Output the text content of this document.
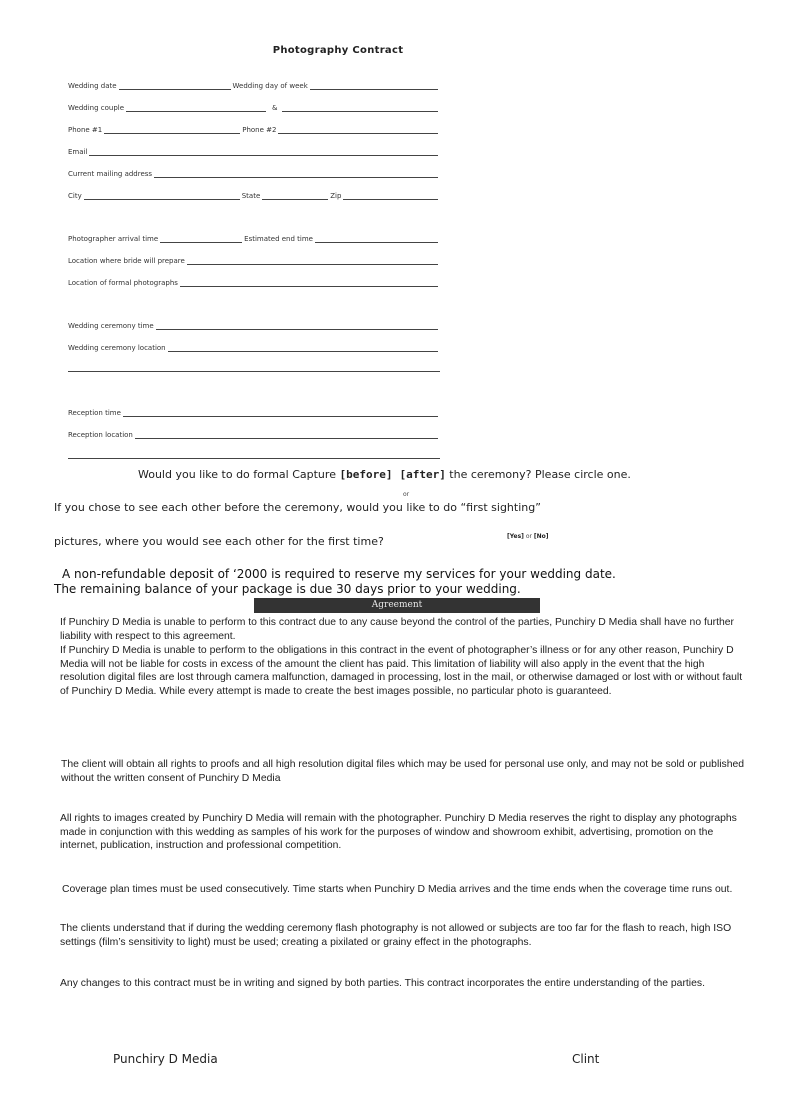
Photography Contract
Wedding date	Wedding day of week
Wedding couple	&
Phone #1	Phone #2
Email
Current mailing address
City	State	Zip
Photographer arrival time	Estimated end time
Location where bride will prepare
Location of formal photographs
Wedding ceremony time
Wedding ceremony location
Reception time
Reception location
Would you like to do formal Capture [before] [after] the ceremony? Please circle one.
or
If you chose to see each other before the ceremony, would you like to do “first sighting”
pictures, where you would see each other for the first time?	[Yes] or [No]
A non-refundable deposit of ʻ2000 is required to reserve my services for your wedding date.
The remaining balance of your package is due 30 days prior to your wedding.
Agreement
If Punchiry D Media is unable to perform to this contract due to any cause beyond the control of the parties, Punchiry D Media shall have no further liability with respect to this agreement.
If Punchiry D Media is unable to perform to the obligations in this contract in the event of photographer’s illness or for any other reason, Punchiry D Media will not be liable for costs in excess of the amount the client has paid. This limitation of liability will also apply in the event that the high resolution digital files are lost through camera malfunction, damaged in processing, lost in the mail, or otherwise damaged or lost with or without fault of Punchiry D Media. While every attempt is made to create the best images possible, no particular photo is guaranteed.
The client will obtain all rights to proofs and all high resolution digital files which may be used for personal use only, and may not be sold or published without the written consent of Punchiry D Media
All rights to images created by Punchiry D Media will remain with the photographer. Punchiry D Media reserves the right to display any photographs made in conjunction with this wedding as samples of his work for the purposes of window and showroom exhibit, advertising, promotion on the internet, publication, instruction and professional competition.
Coverage plan times must be used consecutively. Time starts when Punchiry D Media arrives and the time ends when the coverage time runs out.
The clients understand that if during the wedding ceremony flash photography is not allowed or subjects are too far for the flash to reach, high ISO settings (film’s sensitivity to light) must be used; creating a pixilated or grainy effect in the photographs.
Any changes to this contract must be in writing and signed by both parties. This contract incorporates the entire understanding of the parties.
Punchiry D Media	Clint
